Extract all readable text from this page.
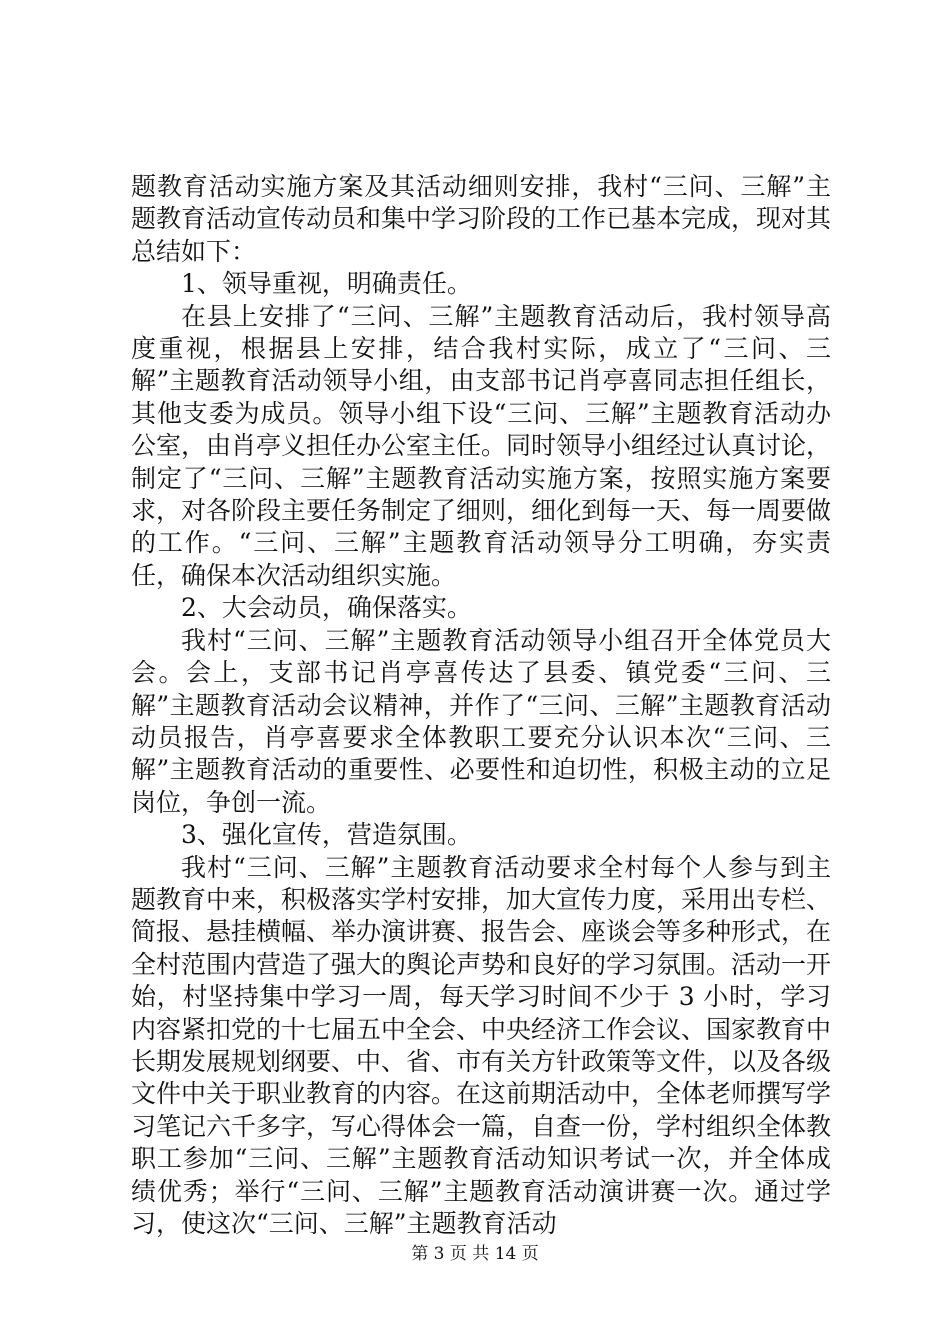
题教育活动实施方案及其活动细则安排，我村“三问、三解”主题教育活动宣传动员和集中学习阶段的工作已基本完成，现对其总结如下：

1、领导重视，明确责任。

在县上安排了“三问、三解”主题教育活动后，我村领导高度重视，根据县上安排，结合我村实际，成立了“三问、三解”主题教育活动领导小组，由支部书记肖亭喜同志担任组长，其他支委为成员。领导小组下设“三问、三解”主题教育活动办公室，由肖亭义担任办公室主任。同时领导小组经过认真讨论，制定了“三问、三解”主题教育活动实施方案，按照实施方案要求，对各阶段主要任务制定了细则，细化到每一天、每一周要做的工作。“三问、三解”主题教育活动领导分工明确，夯实责任，确保本次活动组织实施。

2、大会动员，确保落实。

我村“三问、三解”主题教育活动领导小组召开全体党员大会。会上，支部书记肖亭喜传达了县委、镇党委“三问、三解”主题教育活动会议精神，并作了“三问、三解”主题教育活动动员报告，肖亭喜要求全体教职工要充分认识本次“三问、三解”主题教育活动的重要性、必要性和迫切性，积极主动的立足岗位，争创一流。

3、强化宣传，营造氛围。

我村“三问、三解”主题教育活动要求全村每个人参与到主题教育中来，积极落实学村安排，加大宣传力度，采用出专栏、简报、悬挂横幅、举办演讲赛、报告会、座谈会等多种形式，在全村范围内营造了强大的舆论声势和良好的学习氛围。活动一开始，村坚持集中学习一周，每天学习时间不少于 3 小时，学习内容紧扣党的十七届五中全会、中央经济工作会议、国家教育中长期发展规划纲要、中、省、市有关方针政策等文件，以及各级文件中关于职业教育的内容。在这前期活动中，全体老师撰写学习笔记六千多字，写心得体会一篇，自查一份，学村组织全体教职工参加“三问、三解”主题教育活动知识考试一次，并全体成绩优秀；举行“三问、三解”主题教育活动演讲赛一次。通过学习，使这次“三问、三解”主题教育活动

第 3 页 共 14 页
